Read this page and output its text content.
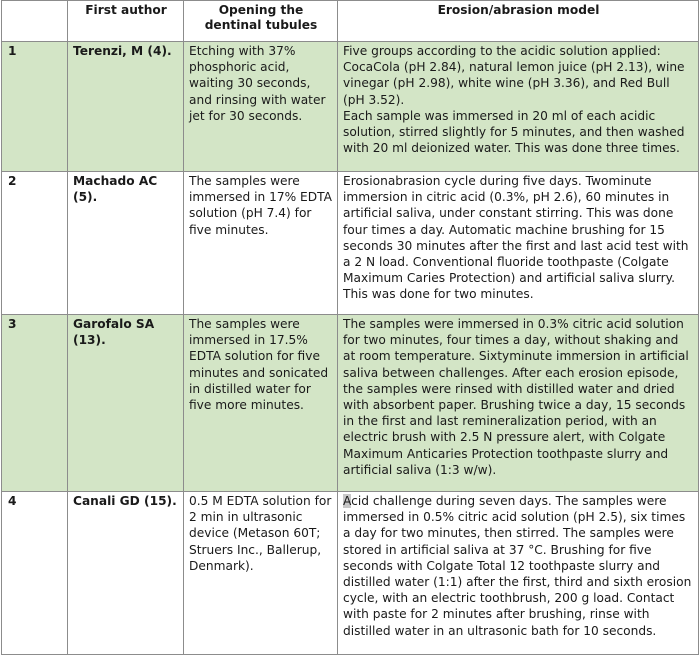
	First author	Opening the dentinal tubules	Erosion/abrasion model
1	Terenzi, M (4).	Etching with 37% phosphoric acid, waiting 30 seconds, and rinsing with water jet for 30 seconds.	Five groups according to the acidic solution applied: CocaCola (pH 2.84), natural lemon juice (pH 2.13), wine vinegar (pH 2.98), white wine (pH 3.36), and Red Bull (pH 3.52).
Each sample was immersed in 20 ml of each acidic solution, stirred slightly for 5 minutes, and then washed with 20 ml deionized water. This was done three times.

2	Machado AC (5).	The samples were immersed in 17% EDTA solution (pH 7.4) for five minutes.	Erosionabrasion cycle during five days. Twominute immersion in citric acid (0.3%, pH 2.6), 60 minutes in artificial saliva, under constant stirring. This was done four times a day. Automatic machine brushing for 15 seconds 30 minutes after the first and last acid test with a 2 N load. Conventional fluoride toothpaste (Colgate Maximum Caries Protection) and artificial saliva slurry. This was done for two minutes.
3	Garofalo SA (13).	The samples were immersed in 17.5% EDTA solution for five minutes and sonicated in distilled water for five more minutes.	The samples were immersed in 0.3% citric acid solution for two minutes, four times a day, without shaking and at room temperature. Sixtyminute immersion in artificial saliva between challenges. After each erosion episode, the samples were rinsed with distilled water and dried with absorbent paper. Brushing twice a day, 15 seconds in the first and last remineralization period, with an electric brush with 2.5 N pressure alert, with Colgate Maximum Anticaries Protection toothpaste slurry and artificial saliva (1:3 w/w).
4	Canali GD (15).	0.5 M EDTA solution for 2 min in ultrasonic device (Metason 60T; Struers Inc., Ballerup, Denmark).	Acid challenge during seven days. The samples were immersed in 0.5% citric acid solution (pH 2.5), six times a day for two minutes, then stirred. The samples were stored in artificial saliva at 37 °C. Brushing for five seconds with Colgate Total 12 toothpaste slurry and distilled water (1:1) after the first, third and sixth erosion cycle, with an electric toothbrush, 200 g load. Contact with paste for 2 minutes after brushing, rinse with distilled water in an ultrasonic bath for 10 seconds.
